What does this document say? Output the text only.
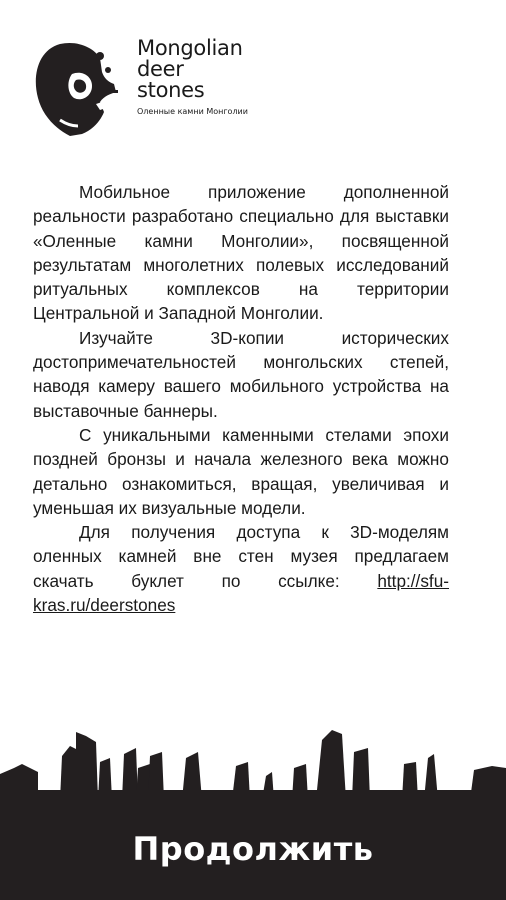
Mongolian
deer
stones
Оленные камни Монголии

Мобильное приложение дополненной реальности разработано специально для выставки «Оленные камни Монголии», посвященной результатам многолетних полевых исследований ритуальных комплексов на территории Центральной и Западной Монголии.

Изучайте 3D-копии исторических достопримечательностей монгольских степей, наводя камеру вашего мобильного устройства на выставочные баннеры.

С уникальными каменными стелами эпохи поздней бронзы и начала железного века можно детально ознакомиться, вращая, увеличивая и уменьшая их визуальные модели.

Для получения доступа к 3D-моделям оленных камней вне стен музея предлагаем скачать буклет по ссылке: http://sfu-kras.ru/deerstones

Продолжить
